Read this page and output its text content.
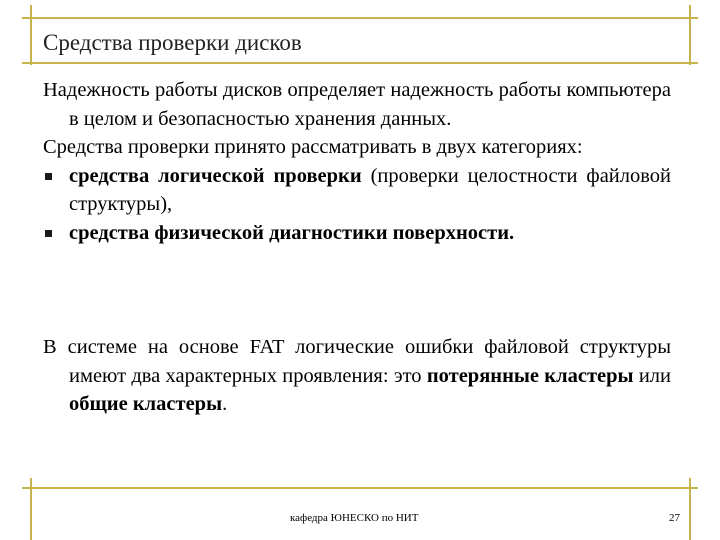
Средства проверки дисков

Надежность работы дисков определяет надежность работы компьютера в целом и безопасностью хранения данных.

Средства проверки принято рассматривать в двух категориях:

средства логической проверки (проверки целостности файловой структуры),
средства физической диагностики поверхности.

В системе на основе FAT логические ошибки файловой структуры имеют два характерных проявления: это потерянные кластеры или общие кластеры.

кафедра ЮНЕСКО по НИТ	27
